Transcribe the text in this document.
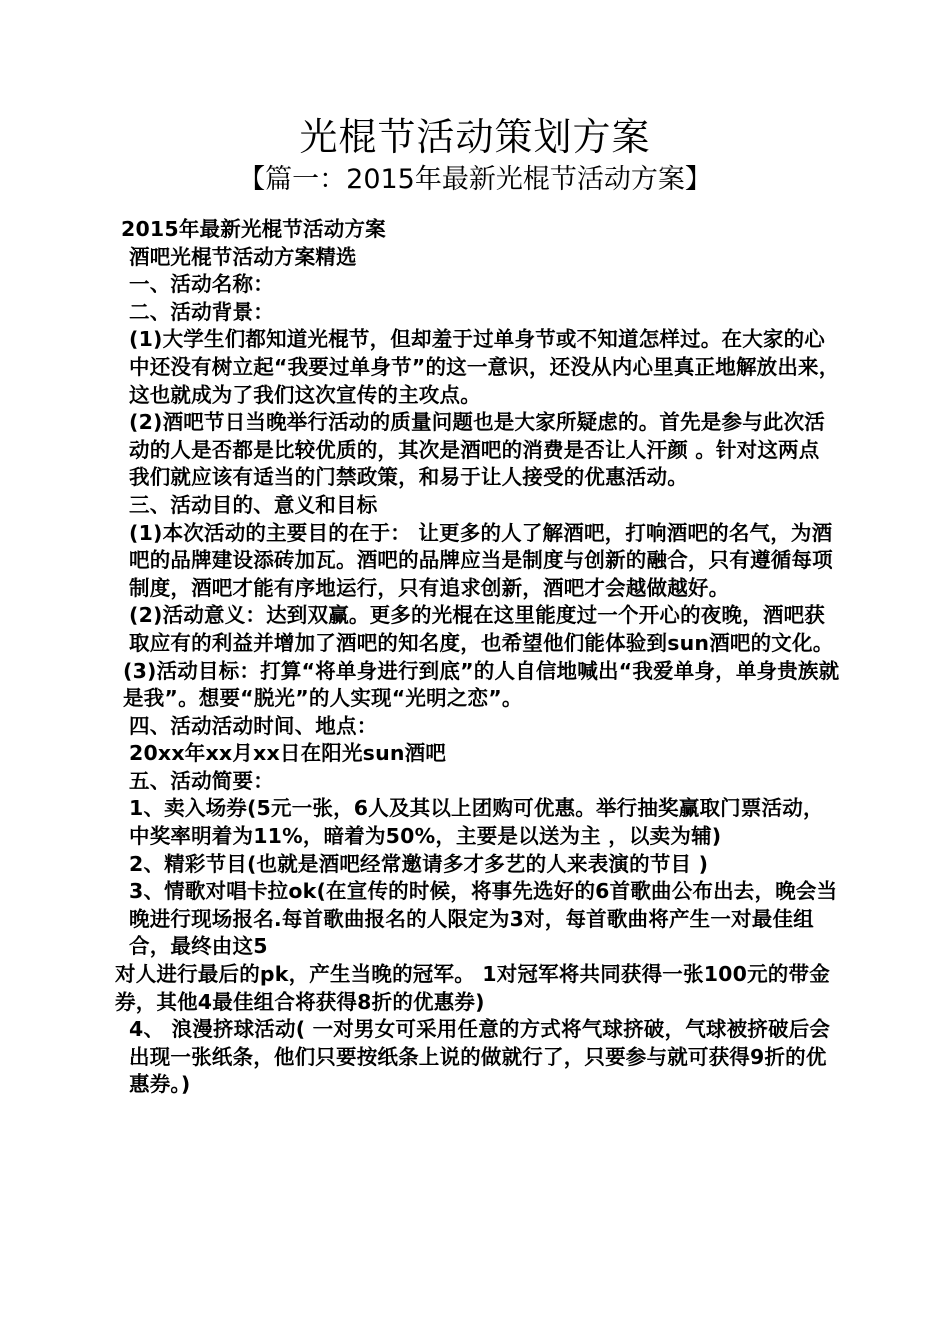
光棍节活动策划方案
【篇一：2015年最新光棍节活动方案】

2015年最新光棍节活动方案

酒吧光棍节活动方案精选

一、活动名称：

二、活动背景：

(1)大学生们都知道光棍节，但却羞于过单身节或不知道怎样过。在大家的心中还没有树立起“我要过单身节”的这一意识，还没从内心里真正地解放出来，这也就成为了我们这次宣传的主攻点。

(2)酒吧节日当晚举行活动的质量问题也是大家所疑虑的。首先是参与此次活动的人是否都是比较优质的，其次是酒吧的消费是否让人汗颜 。针对这两点我们就应该有适当的门禁政策，和易于让人接受的优惠活动。

三、活动目的、意义和目标

(1)本次活动的主要目的在于： 让更多的人了解酒吧，打响酒吧的名气，为酒吧的品牌建设添砖加瓦。酒吧的品牌应当是制度与创新的融合，只有遵循每项制度，酒吧才能有序地运行，只有追求创新，酒吧才会越做越好。

(2)活动意义：达到双赢。更多的光棍在这里能度过一个开心的夜晚，酒吧获取应有的利益并增加了酒吧的知名度，也希望他们能体验到sun酒吧的文化。

(3)活动目标：打算“将单身进行到底”的人自信地喊出“我爱单身，单身贵族就是我”。想要“脱光”的人实现“光明之恋”。

四、活动活动时间、地点：

20xx年xx月xx日在阳光sun酒吧

五、活动简要：

1、卖入场券(5元一张，6人及其以上团购可优惠。举行抽奖赢取门票活动，中奖率明着为11%，暗着为50%，主要是以送为主 ，以卖为辅)

2、精彩节目(也就是酒吧经常邀请多才多艺的人来表演的节目 )

3、情歌对唱卡拉ok(在宣传的时候，将事先选好的6首歌曲公布出去，晚会当晚进行现场报名.每首歌曲报名的人限定为3对，每首歌曲将产生一对最佳组合，最终由这5

对人进行最后的pk，产生当晚的冠军。 1对冠军将共同获得一张100元的带金券，其他4最佳组合将获得8折的优惠券)

4、 浪漫挤球活动( 一对男女可采用任意的方式将气球挤破，气球被挤破后会出现一张纸条，他们只要按纸条上说的做就行了，只要参与就可获得9折的优惠券。)
